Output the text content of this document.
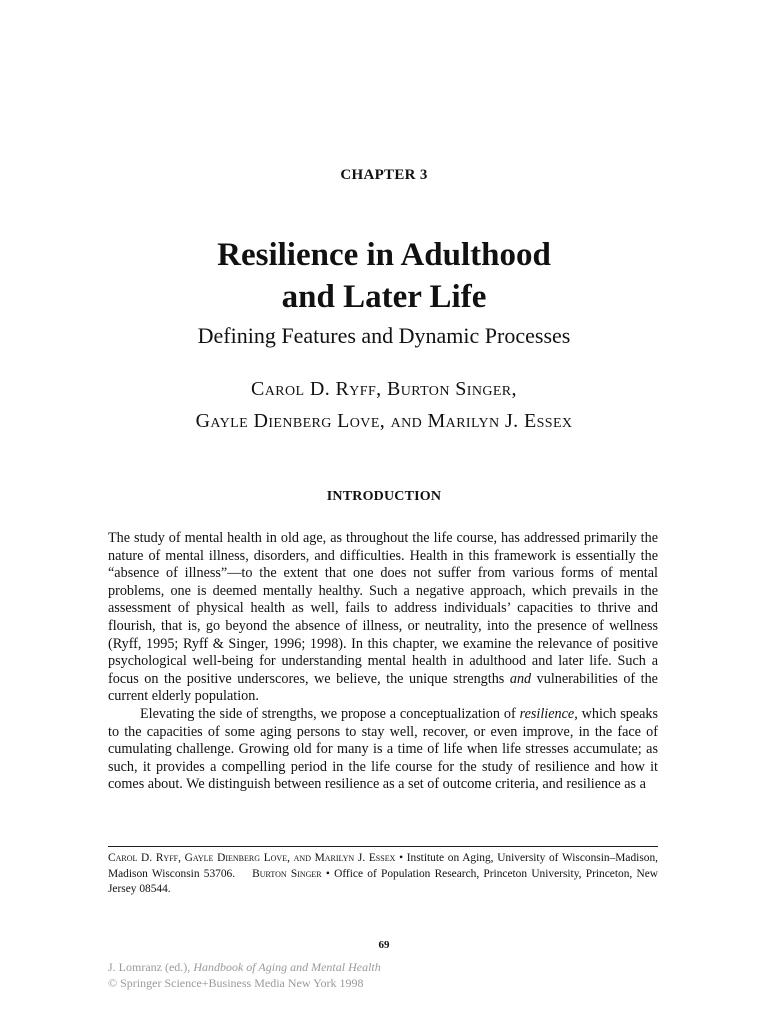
CHAPTER 3
Resilience in Adulthood
and Later Life
Defining Features and Dynamic Processes
Carol D. Ryff, Burton Singer,
Gayle Dienberg Love, and Marilyn J. Essex
INTRODUCTION

The study of mental health in old age, as throughout the life course, has addressed primarily the nature of mental illness, disorders, and difficulties. Health in this framework is essentially the “absence of illness”—to the extent that one does not suffer from various forms of mental problems, one is deemed mentally healthy. Such a negative approach, which prevails in the assessment of physical health as well, fails to address individuals’ capacities to thrive and flourish, that is, go beyond the absence of illness, or neutrality, into the presence of wellness (Ryff, 1995; Ryff & Singer, 1996; 1998). In this chapter, we examine the relevance of positive psychological well-being for understanding mental health in adulthood and later life. Such a focus on the positive underscores, we believe, the unique strengths and vulnerabilities of the current elderly population.

Elevating the side of strengths, we propose a conceptualization of resilience, which speaks to the capacities of some aging persons to stay well, recover, or even improve, in the face of cumulating challenge. Growing old for many is a time of life when life stresses accumulate; as such, it provides a compelling period in the life course for the study of resilience and how it comes about. We distinguish between resilience as a set of outcome criteria, and resilience as a

Carol D. Ryff, Gayle Dienberg Love, and Marilyn J. Essex • Institute on Aging, University of Wisconsin–Madison, Madison Wisconsin 53706. Burton Singer • Office of Population Research, Princeton University, Princeton, New Jersey 08544.
69
J. Lomranz (ed.), Handbook of Aging and Mental Health
© Springer Science+Business Media New York 1998
